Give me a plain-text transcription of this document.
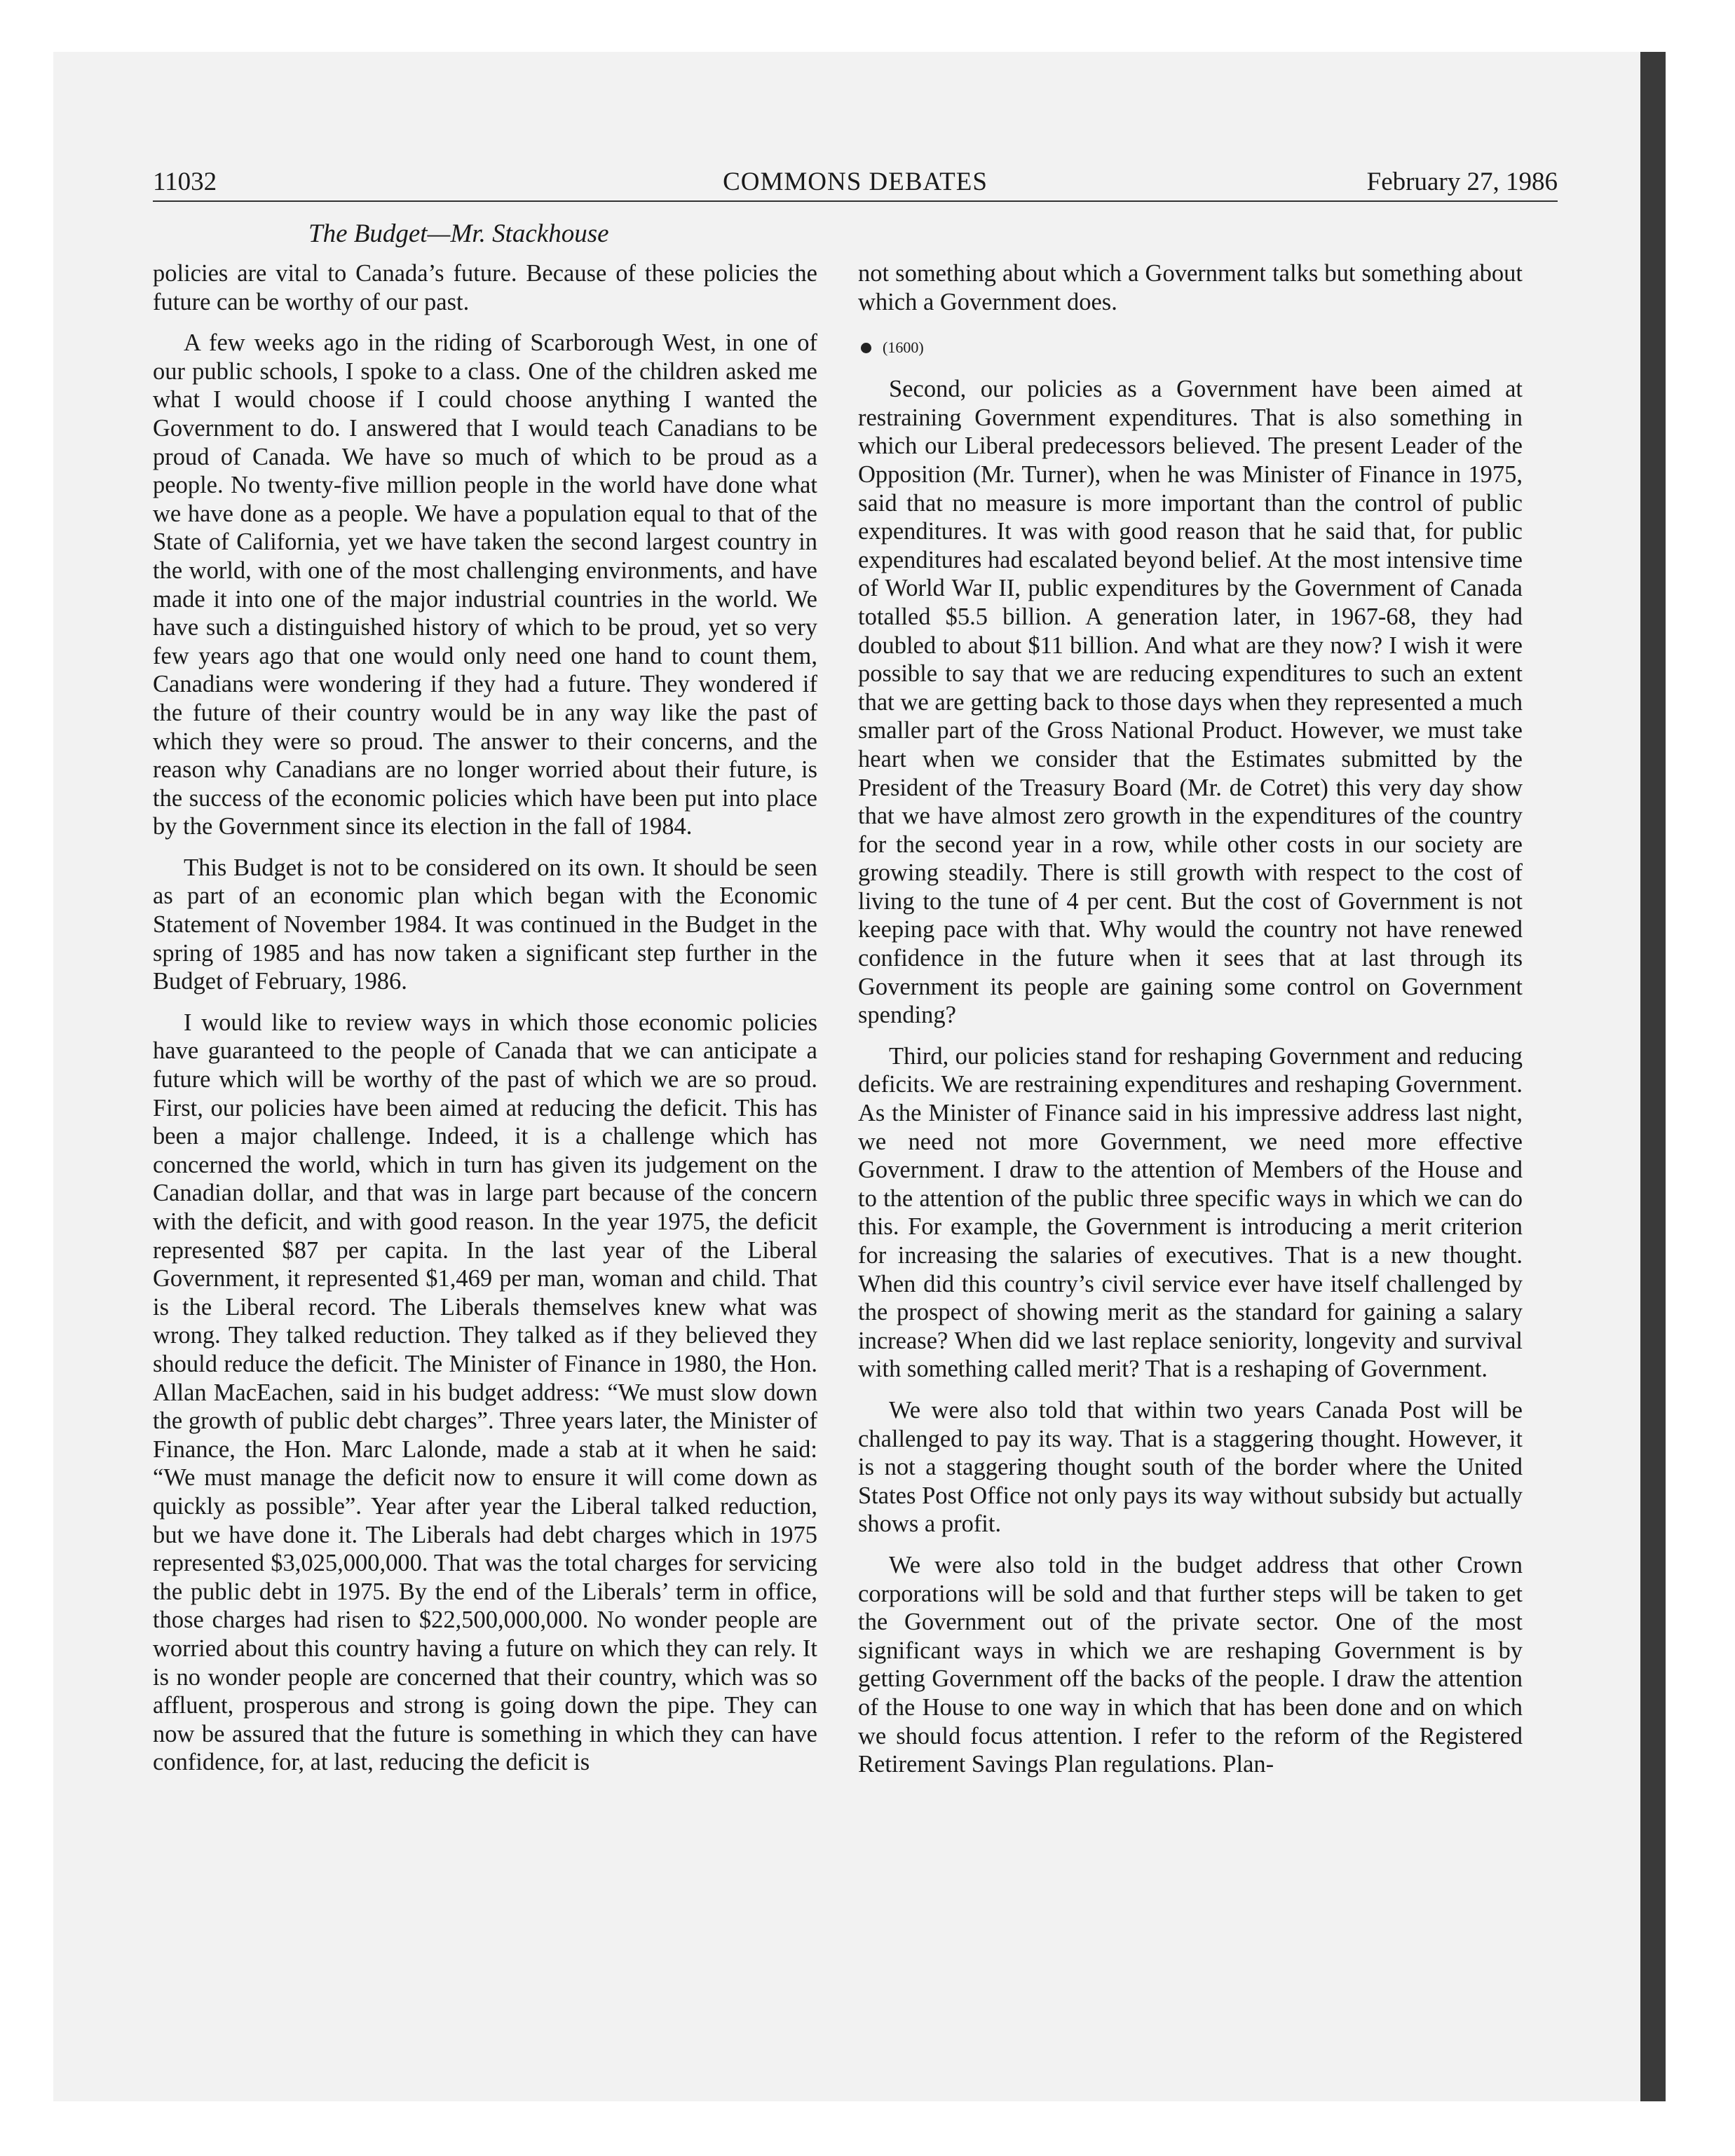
11032	COMMONS DEBATES	February 27, 1986
The Budget—Mr. Stackhouse

policies are vital to Canada’s future. Because of these policies the future can be worthy of our past.

A few weeks ago in the riding of Scarborough West, in one of our public schools, I spoke to a class. One of the children asked me what I would choose if I could choose anything I wanted the Government to do. I answered that I would teach Canadians to be proud of Canada. We have so much of which to be proud as a people. No twenty-five million people in the world have done what we have done as a people. We have a population equal to that of the State of California, yet we have taken the second largest country in the world, with one of the most challenging environments, and have made it into one of the major industrial countries in the world. We have such a distinguished history of which to be proud, yet so very few years ago that one would only need one hand to count them, Canadians were wondering if they had a future. They wondered if the future of their country would be in any way like the past of which they were so proud. The answer to their concerns, and the reason why Canadians are no longer worried about their future, is the success of the economic policies which have been put into place by the Government since its election in the fall of 1984.

This Budget is not to be considered on its own. It should be seen as part of an economic plan which began with the Economic Statement of November 1984. It was continued in the Budget in the spring of 1985 and has now taken a significant step further in the Budget of February, 1986.

I would like to review ways in which those economic policies have guaranteed to the people of Canada that we can anticipate a future which will be worthy of the past of which we are so proud. First, our policies have been aimed at reducing the deficit. This has been a major challenge. Indeed, it is a challenge which has concerned the world, which in turn has given its judgement on the Canadian dollar, and that was in large part because of the concern with the deficit, and with good reason. In the year 1975, the deficit represented $87 per capita. In the last year of the Liberal Government, it represented $1,469 per man, woman and child. That is the Liberal record. The Liberals themselves knew what was wrong. They talked reduction. They talked as if they believed they should reduce the deficit. The Minister of Finance in 1980, the Hon. Allan MacEachen, said in his budget address: “We must slow down the growth of public debt charges”. Three years later, the Minister of Finance, the Hon. Marc Lalonde, made a stab at it when he said: “We must manage the deficit now to ensure it will come down as quickly as possible”. Year after year the Liberal talked reduction, but we have done it. The Liberals had debt charges which in 1975 represented $3,025,000,000. That was the total charges for servicing the public debt in 1975. By the end of the Liberals’ term in office, those charges had risen to $22,500,000,000. No wonder people are worried about this country having a future on which they can rely. It is no wonder people are concerned that their country, which was so affluent, prosperous and strong is going down the pipe. They can now be assured that the future is something in which they can have confidence, for, at last, reducing the deficit is

not something about which a Government talks but something about which a Government does.

(1600)

Second, our policies as a Government have been aimed at restraining Government expenditures. That is also something in which our Liberal predecessors believed. The present Leader of the Opposition (Mr. Turner), when he was Minister of Finance in 1975, said that no measure is more important than the control of public expenditures. It was with good reason that he said that, for public expenditures had escalated beyond belief. At the most intensive time of World War II, public expenditures by the Government of Canada totalled $5.5 billion. A generation later, in 1967-68, they had doubled to about $11 billion. And what are they now? I wish it were possible to say that we are reducing expenditures to such an extent that we are getting back to those days when they represented a much smaller part of the Gross National Product. However, we must take heart when we consider that the Estimates submitted by the President of the Treasury Board (Mr. de Cotret) this very day show that we have almost zero growth in the expenditures of the country for the second year in a row, while other costs in our society are growing steadily. There is still growth with respect to the cost of living to the tune of 4 per cent. But the cost of Government is not keeping pace with that. Why would the country not have renewed confidence in the future when it sees that at last through its Government its people are gaining some control on Government spending?

Third, our policies stand for reshaping Government and reducing deficits. We are restraining expenditures and reshaping Government. As the Minister of Finance said in his impressive address last night, we need not more Government, we need more effective Government. I draw to the attention of Members of the House and to the attention of the public three specific ways in which we can do this. For example, the Government is introducing a merit criterion for increasing the salaries of executives. That is a new thought. When did this country’s civil service ever have itself challenged by the prospect of showing merit as the standard for gaining a salary increase? When did we last replace seniority, longevity and survival with something called merit? That is a reshaping of Government.

We were also told that within two years Canada Post will be challenged to pay its way. That is a staggering thought. However, it is not a staggering thought south of the border where the United States Post Office not only pays its way without subsidy but actually shows a profit.

We were also told in the budget address that other Crown corporations will be sold and that further steps will be taken to get the Government out of the private sector. One of the most significant ways in which we are reshaping Government is by getting Government off the backs of the people. I draw the attention of the House to one way in which that has been done and on which we should focus attention. I refer to the reform of the Registered Retirement Savings Plan regulations. Plan-
